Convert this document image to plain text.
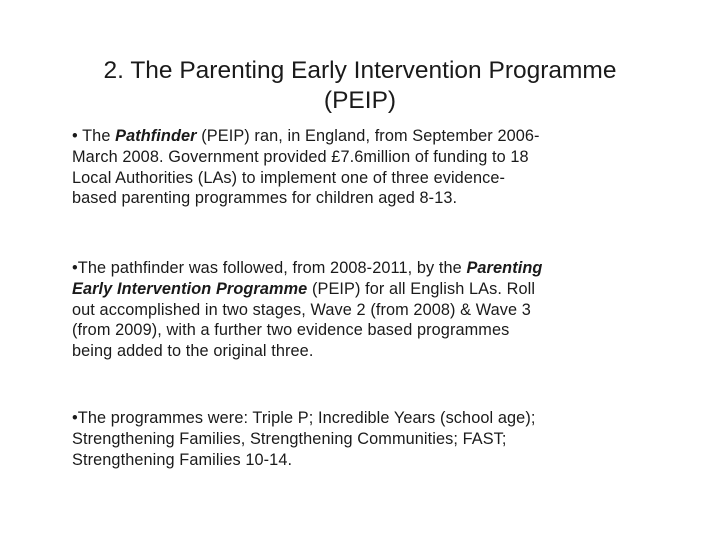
2. The Parenting Early Intervention Programme
(PEIP)

• The Pathfinder (PEIP) ran, in England, from September 2006-
March 2008. Government provided £7.6million of funding to 18
Local Authorities (LAs) to implement one of three evidence-
based parenting programmes for children aged 8-13.

•The pathfinder was followed, from 2008-2011, by the Parenting
Early Intervention Programme (PEIP) for all English LAs. Roll
out accomplished in two stages, Wave 2 (from 2008) & Wave 3
(from 2009), with a further two evidence based programmes
being added to the original three.

•The programmes were: Triple P; Incredible Years (school age);
Strengthening Families, Strengthening Communities; FAST;
Strengthening Families 10-14.
